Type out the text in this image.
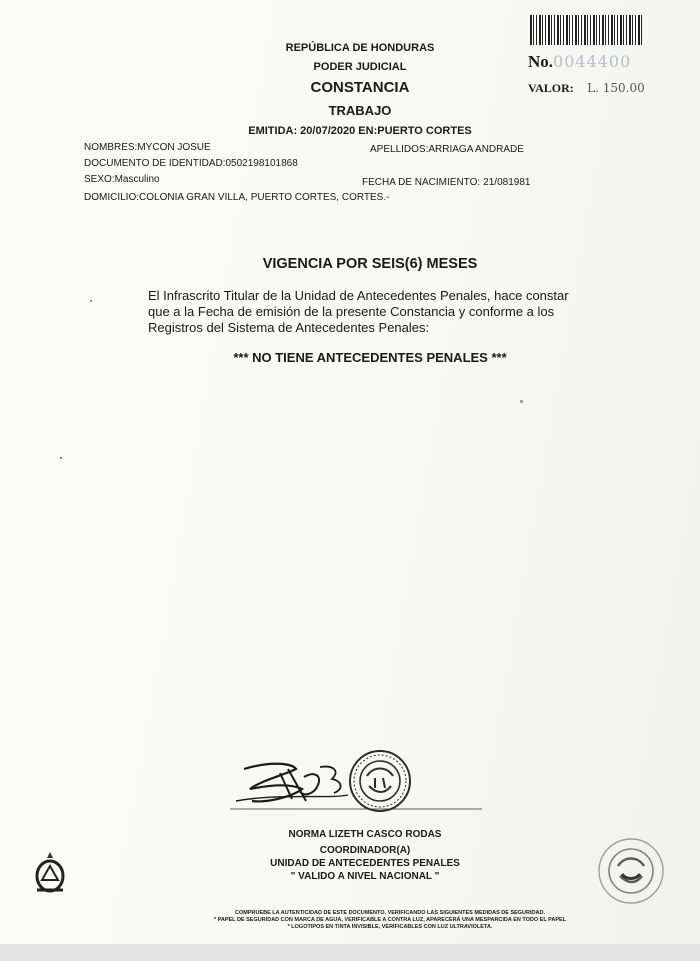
REPÚBLICA DE HONDURAS
PODER JUDICIAL
CONSTANCIA
TRABAJO
EMITIDA: 20/07/2020 EN:PUERTO CORTES
No.0044400
VALOR: L. 150.00
NOMBRES:MYCON JOSUE	APELLIDOS:ARRIAGA ANDRADE
DOCUMENTO DE IDENTIDAD:0502198101868
SEXO:Masculino	FECHA DE NACIMIENTO: 21/081981
DOMICILIO:COLONIA GRAN VILLA, PUERTO CORTES, CORTES.-
VIGENCIA POR SEIS(6) MESES
El Infrascrito Titular de la Unidad de Antecedentes Penales, hace constar
que a la Fecha de emisión de la presente Constancia y conforme a los
Registros del Sistema de Antecedentes Penales:
*** NO TIENE ANTECEDENTES PENALES ***
NORMA LIZETH CASCO RODAS
COORDINADOR(A)
UNIDAD DE ANTECEDENTES PENALES
" VALIDO A NIVEL NACIONAL "
COMPRUEBE LA AUTENTICIDAD DE ESTE DOCUMENTO, VERIFICANDO LAS SIGUIENTES MEDIDAS DE SEGURIDAD.
* PAPEL DE SEGURIDAD CON MARCA DE AGUA, VERIFICABLE A CONTRA LUZ, APARECERÁ UNA MESPARCIDA EN TODO EL PAPEL
* LOGOTIPOS EN TINTA INVISIBLE, VERIFICABLES CON LUZ ULTRAVIOLETA.
